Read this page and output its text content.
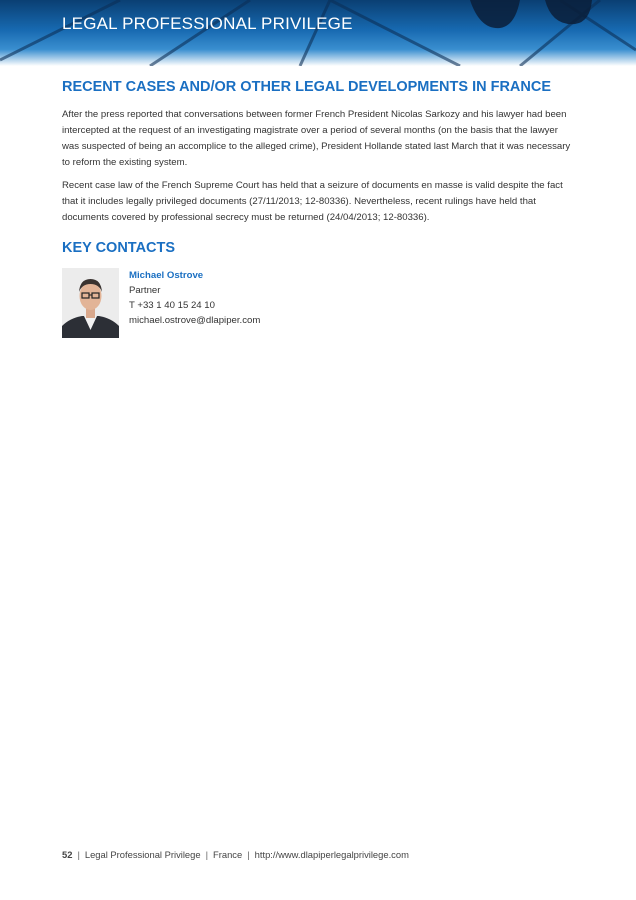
LEGAL PROFESSIONAL PRIVILEGE
RECENT CASES AND/OR OTHER LEGAL DEVELOPMENTS IN FRANCE

After the press reported that conversations between former French President Nicolas Sarkozy and his lawyer had been intercepted at the request of an investigating magistrate over a period of several months (on the basis that the lawyer was suspected of being an accomplice to the alleged crime), President Hollande stated last March that it was necessary to reform the existing system.

Recent case law of the French Supreme Court has held that a seizure of documents en masse is valid despite the fact that it includes legally privileged documents (27/11/2013; 12-80336). Nevertheless, recent rulings have held that documents covered by professional secrecy must be returned (24/04/2013; 12-80336).

KEY CONTACTS
Michael Ostrove
Partner
T +33 1 40 15 24 10
michael.ostrove@dlapiper.com
52 | Legal Professional Privilege | France | http://www.dlapiperlegalprivilege.com
